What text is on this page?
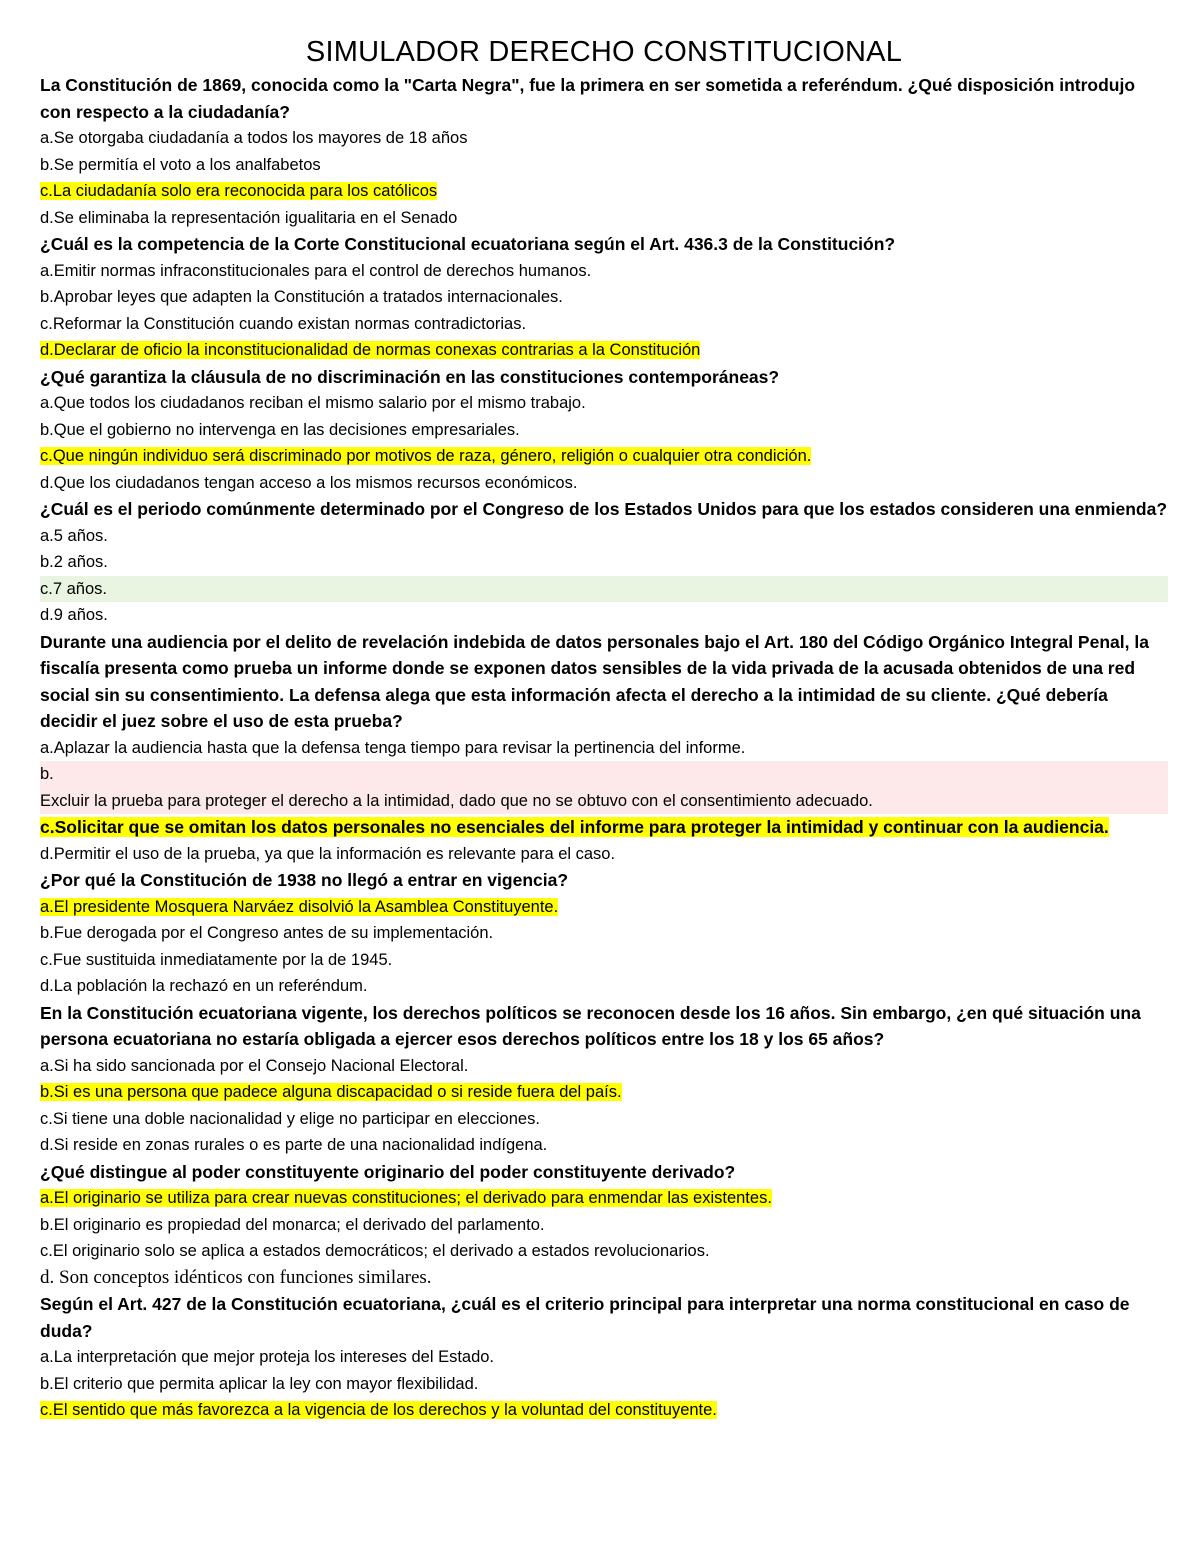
SIMULADOR DERECHO CONSTITUCIONAL

La Constitución de 1869, conocida como la "Carta Negra", fue la primera en ser sometida a referéndum. ¿Qué disposición introdujo con respecto a la ciudadanía?

a.Se otorgaba ciudadanía a todos los mayores de 18 años

b.Se permitía el voto a los analfabetos

c.La ciudadanía solo era reconocida para los católicos

d.Se eliminaba la representación igualitaria en el Senado

¿Cuál es la competencia de la Corte Constitucional ecuatoriana según el Art. 436.3 de la Constitución?

a.Emitir normas infraconstitucionales para el control de derechos humanos.

b.Aprobar leyes que adapten la Constitución a tratados internacionales.

c.Reformar la Constitución cuando existan normas contradictorias.

d.Declarar de oficio la inconstitucionalidad de normas conexas contrarias a la Constitución

¿Qué garantiza la cláusula de no discriminación en las constituciones contemporáneas?

a.Que todos los ciudadanos reciban el mismo salario por el mismo trabajo.

b.Que el gobierno no intervenga en las decisiones empresariales.

c.Que ningún individuo será discriminado por motivos de raza, género, religión o cualquier otra condición.

d.Que los ciudadanos tengan acceso a los mismos recursos económicos.

¿Cuál es el periodo comúnmente determinado por el Congreso de los Estados Unidos para que los estados consideren una enmienda?

a.5 años.

b.2 años.

c.7 años.

d.9 años.

Durante una audiencia por el delito de revelación indebida de datos personales bajo el Art. 180 del Código Orgánico Integral Penal, la fiscalía presenta como prueba un informe donde se exponen datos sensibles de la vida privada de la acusada obtenidos de una red social sin su consentimiento. La defensa alega que esta información afecta el derecho a la intimidad de su cliente. ¿Qué debería decidir el juez sobre el uso de esta prueba?

a.Aplazar la audiencia hasta que la defensa tenga tiempo para revisar la pertinencia del informe.

b.

Excluir la prueba para proteger el derecho a la intimidad, dado que no se obtuvo con el consentimiento adecuado.

c.Solicitar que se omitan los datos personales no esenciales del informe para proteger la intimidad y continuar con la audiencia.

d.Permitir el uso de la prueba, ya que la información es relevante para el caso.

¿Por qué la Constitución de 1938 no llegó a entrar en vigencia?

a.El presidente Mosquera Narváez disolvió la Asamblea Constituyente.

b.Fue derogada por el Congreso antes de su implementación.

c.Fue sustituida inmediatamente por la de 1945.

d.La población la rechazó en un referéndum.

En la Constitución ecuatoriana vigente, los derechos políticos se reconocen desde los 16 años. Sin embargo, ¿en qué situación una persona ecuatoriana no estaría obligada a ejercer esos derechos políticos entre los 18 y los 65 años?

a.Si ha sido sancionada por el Consejo Nacional Electoral.

b.Si es una persona que padece alguna discapacidad o si reside fuera del país.

c.Si tiene una doble nacionalidad y elige no participar en elecciones.

d.Si reside en zonas rurales o es parte de una nacionalidad indígena.

¿Qué distingue al poder constituyente originario del poder constituyente derivado?

a.El originario se utiliza para crear nuevas constituciones; el derivado para enmendar las existentes.

b.El originario es propiedad del monarca; el derivado del parlamento.

c.El originario solo se aplica a estados democráticos; el derivado a estados revolucionarios.

d. Son conceptos idénticos con funciones similares.

Según el Art. 427 de la Constitución ecuatoriana, ¿cuál es el criterio principal para interpretar una norma constitucional en caso de duda?

a.La interpretación que mejor proteja los intereses del Estado.

b.El criterio que permita aplicar la ley con mayor flexibilidad.

c.El sentido que más favorezca a la vigencia de los derechos y la voluntad del constituyente.
